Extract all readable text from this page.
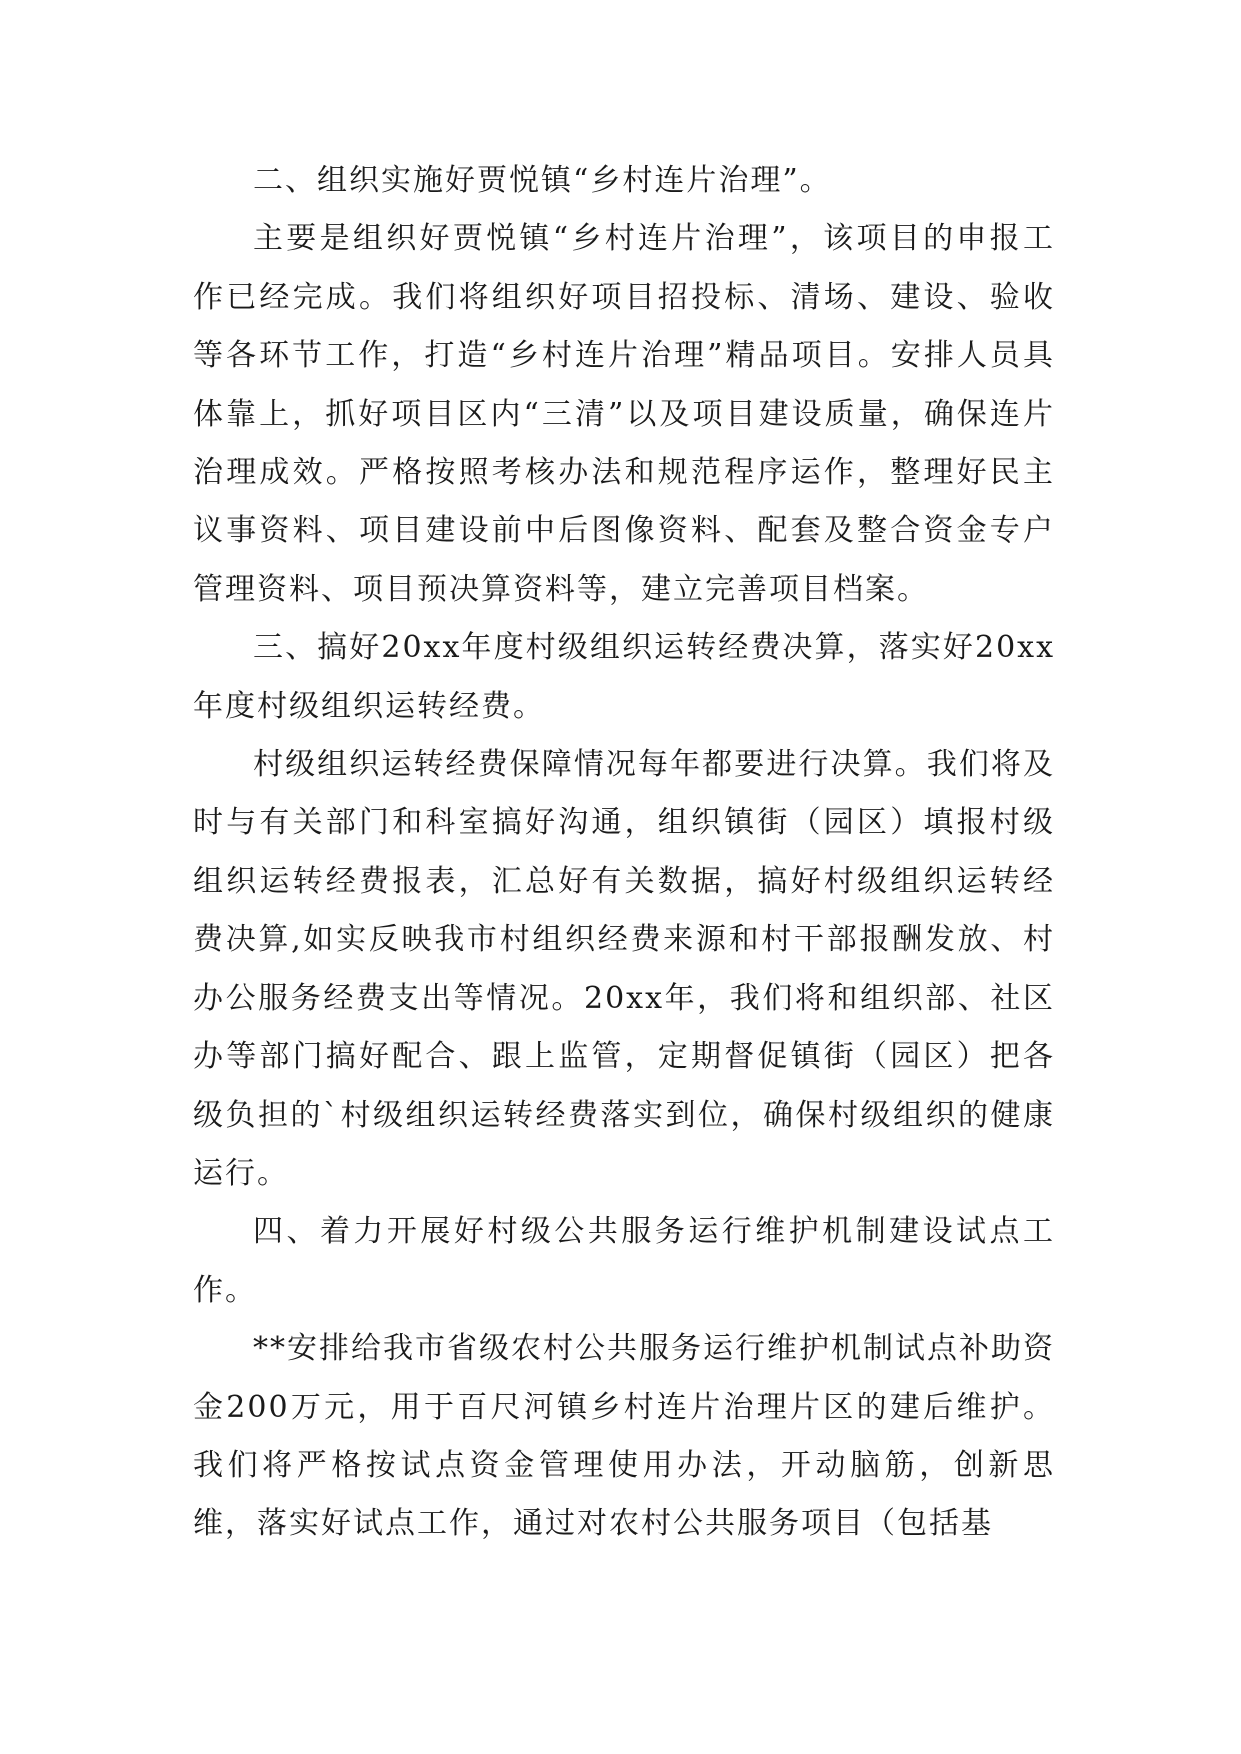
二、组织实施好贾悦镇“乡村连片治理”。

主要是组织好贾悦镇“乡村连片治理”，该项目的申报工作已经完成。我们将组织好项目招投标、清场、建设、验收等各环节工作，打造“乡村连片治理”精品项目。安排人员具体靠上，抓好项目区内“三清”以及项目建设质量，确保连片治理成效。严格按照考核办法和规范程序运作，整理好民主议事资料、项目建设前中后图像资料、配套及整合资金专户管理资料、项目预决算资料等，建立完善项目档案。

三、搞好20xx年度村级组织运转经费决算，落实好20xx年度村级组织运转经费。

村级组织运转经费保障情况每年都要进行决算。我们将及时与有关部门和科室搞好沟通，组织镇街（园区）填报村级组织运转经费报表，汇总好有关数据，搞好村级组织运转经费决算,如实反映我市村组织经费来源和村干部报酬发放、村办公服务经费支出等情况。20xx年，我们将和组织部、社区办等部门搞好配合、跟上监管，定期督促镇街（园区）把各级负担的`村级组织运转经费落实到位，确保村级组织的健康运行。

四、着力开展好村级公共服务运行维护机制建设试点工作。

**安排给我市省级农村公共服务运行维护机制试点补助资金200万元，用于百尺河镇乡村连片治理片区的建后维护。我们将严格按试点资金管理使用办法，开动脑筋，创新思维，落实好试点工作，通过对农村公共服务项目（包括基
